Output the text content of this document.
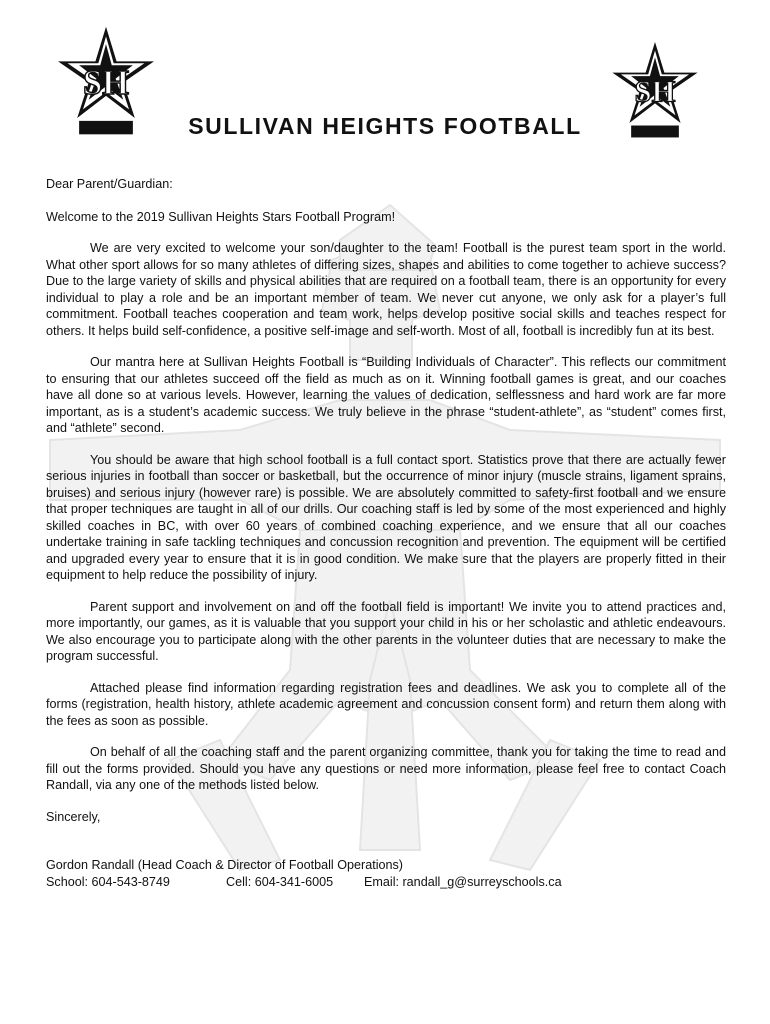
SH	SH
SULLIVAN HEIGHTS FOOTBALL

Dear Parent/Guardian:

Welcome to the 2019 Sullivan Heights Stars Football Program!

We are very excited to welcome your son/daughter to the team! Football is the purest team sport in the world. What other sport allows for so many athletes of differing sizes, shapes and abilities to come together to achieve success? Due to the large variety of skills and physical abilities that are required on a football team, there is an opportunity for every individual to play a role and be an important member of team. We never cut anyone, we only ask for a player’s full commitment. Football teaches cooperation and team work, helps develop positive social skills and teaches respect for others. It helps build self-confidence, a positive self-image and self-worth. Most of all, football is incredibly fun at its best.

Our mantra here at Sullivan Heights Football is “Building Individuals of Character”. This reflects our commitment to ensuring that our athletes succeed off the field as much as on it. Winning football games is great, and our coaches have all done so at various levels. However, learning the values of dedication, selflessness and hard work are far more important, as is a student’s academic success. We truly believe in the phrase “student-athlete”, as “student” comes first, and “athlete” second.

You should be aware that high school football is a full contact sport. Statistics prove that there are actually fewer serious injuries in football than soccer or basketball, but the occurrence of minor injury (muscle strains, ligament sprains, bruises) and serious injury (however rare) is possible. We are absolutely committed to safety-first football and we ensure that proper techniques are taught in all of our drills. Our coaching staff is led by some of the most experienced and highly skilled coaches in BC, with over 60 years of combined coaching experience, and we ensure that all our coaches undertake training in safe tackling techniques and concussion recognition and prevention. The equipment will be certified and upgraded every year to ensure that it is in good condition. We make sure that the players are properly fitted in their equipment to help reduce the possibility of injury.

Parent support and involvement on and off the football field is important! We invite you to attend practices and, more importantly, our games, as it is valuable that you support your child in his or her scholastic and athletic endeavours. We also encourage you to participate along with the other parents in the volunteer duties that are necessary to make the program successful.

Attached please find information regarding registration fees and deadlines. We ask you to complete all of the forms (registration, health history, athlete academic agreement and concussion consent form) and return them along with the fees as soon as possible.

On behalf of all the coaching staff and the parent organizing committee, thank you for taking the time to read and fill out the forms provided. Should you have any questions or need more information, please feel free to contact Coach Randall, via any one of the methods listed below.

Sincerely,

Gordon Randall (Head Coach & Director of Football Operations)

School: 604-543-8749	Cell: 604-341-6005 Email: randall_g@surreyschools.ca
